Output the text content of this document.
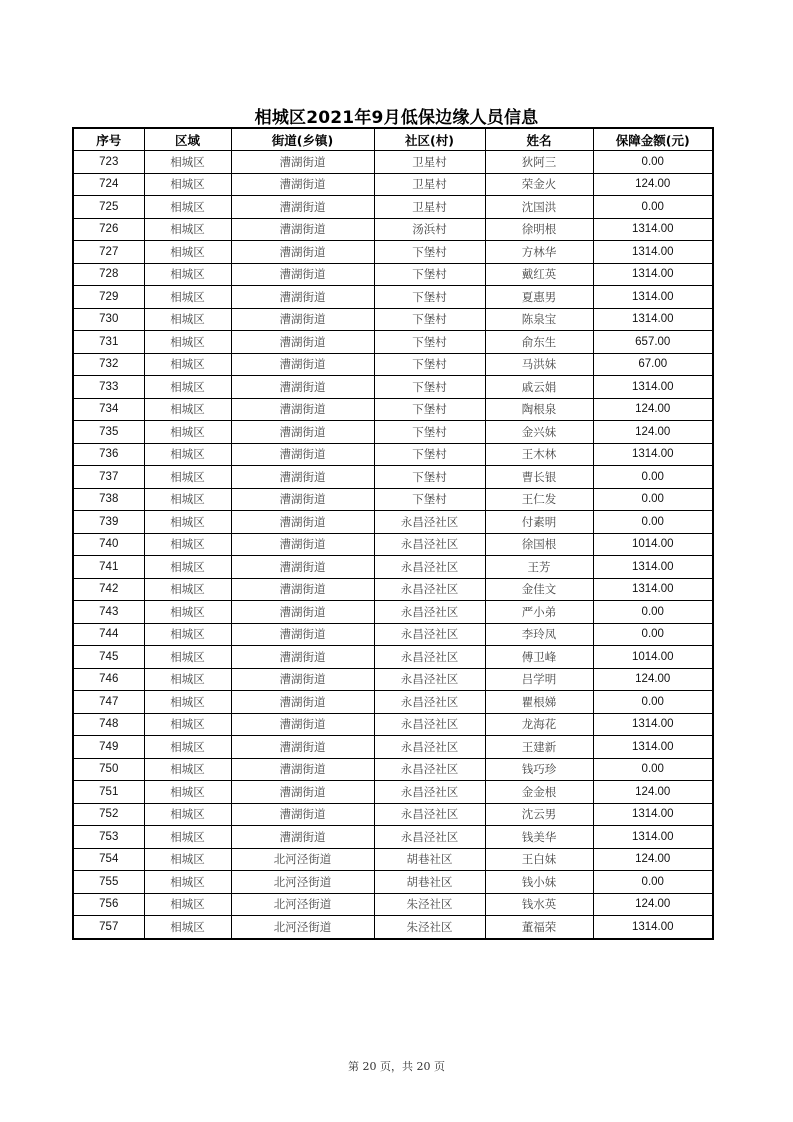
相城区2021年9月低保边缘人员信息
序号	区域	街道(乡镇)	社区(村)	姓名	保障金额(元)
723	相城区	漕湖街道	卫星村	狄阿三	0.00
724	相城区	漕湖街道	卫星村	荣金火	124.00
725	相城区	漕湖街道	卫星村	沈国洪	0.00
726	相城区	漕湖街道	汤浜村	徐明根	1314.00
727	相城区	漕湖街道	下堡村	方林华	1314.00
728	相城区	漕湖街道	下堡村	戴红英	1314.00
729	相城区	漕湖街道	下堡村	夏惠男	1314.00
730	相城区	漕湖街道	下堡村	陈泉宝	1314.00
731	相城区	漕湖街道	下堡村	俞东生	657.00
732	相城区	漕湖街道	下堡村	马洪妹	67.00
733	相城区	漕湖街道	下堡村	戚云娟	1314.00
734	相城区	漕湖街道	下堡村	陶根泉	124.00
735	相城区	漕湖街道	下堡村	金兴妹	124.00
736	相城区	漕湖街道	下堡村	王木林	1314.00
737	相城区	漕湖街道	下堡村	曹长银	0.00
738	相城区	漕湖街道	下堡村	王仁发	0.00
739	相城区	漕湖街道	永昌泾社区	付素明	0.00
740	相城区	漕湖街道	永昌泾社区	徐国根	1014.00
741	相城区	漕湖街道	永昌泾社区	王芳	1314.00
742	相城区	漕湖街道	永昌泾社区	金佳文	1314.00
743	相城区	漕湖街道	永昌泾社区	严小弟	0.00
744	相城区	漕湖街道	永昌泾社区	李玲凤	0.00
745	相城区	漕湖街道	永昌泾社区	傅卫峰	1014.00
746	相城区	漕湖街道	永昌泾社区	吕学明	124.00
747	相城区	漕湖街道	永昌泾社区	瞿根娣	0.00
748	相城区	漕湖街道	永昌泾社区	龙海花	1314.00
749	相城区	漕湖街道	永昌泾社区	王建新	1314.00
750	相城区	漕湖街道	永昌泾社区	钱巧珍	0.00
751	相城区	漕湖街道	永昌泾社区	金金根	124.00
752	相城区	漕湖街道	永昌泾社区	沈云男	1314.00
753	相城区	漕湖街道	永昌泾社区	钱美华	1314.00
754	相城区	北河泾街道	胡巷社区	王白妹	124.00
755	相城区	北河泾街道	胡巷社区	钱小妹	0.00
756	相城区	北河泾街道	朱泾社区	钱水英	124.00
757	相城区	北河泾街道	朱泾社区	董福荣	1314.00
第 20 页，共 20 页
